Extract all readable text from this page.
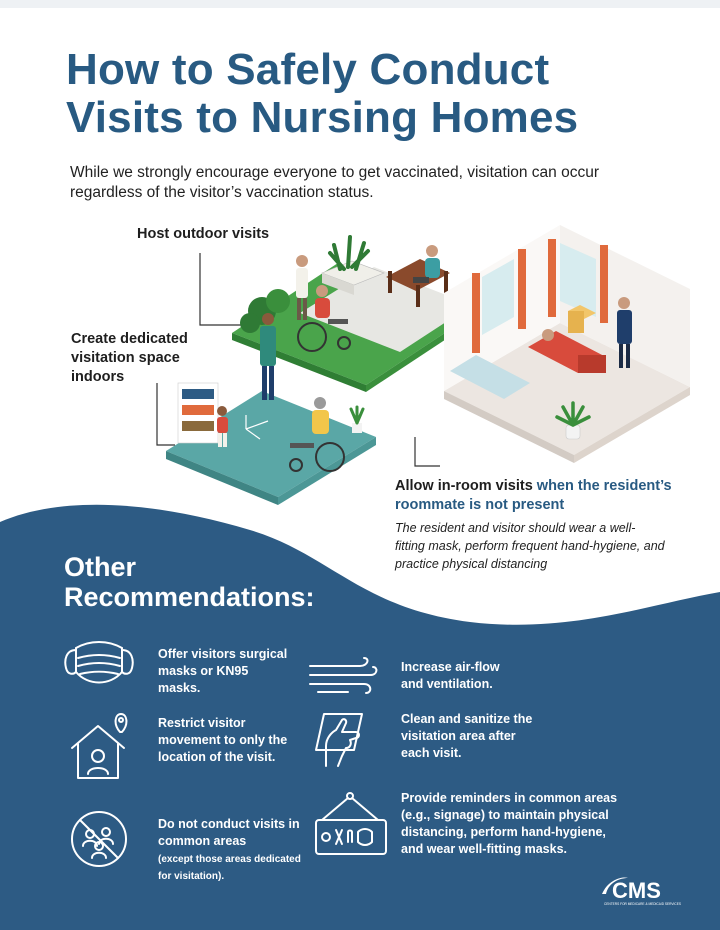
How to Safely Conduct
Visits to Nursing Homes

While we strongly encourage everyone to get vaccinated, visitation can occur regardless of the visitor’s vaccination status.

Host outdoor visits
Create dedicated visitation space indoors
Allow in-room visits when the resident’s roommate is not present

The resident and visitor should wear a well-fitting mask, perform frequent hand-hygiene, and practice physical distancing

Other
Recommendations:
Offer visitors surgical masks or KN95 masks.
Restrict visitor movement to only the location of the visit.
Do not conduct visits in common areas
(except those areas dedicated for visitation).
Increase air-flow and ventilation.
Clean and sanitize the visitation area after each visit.
Provide reminders in common areas (e.g., signage) to maintain physical distancing, perform hand-hygiene, and wear well-fitting masks.
CMS
CENTERS FOR MEDICARE & MEDICAID SERVICES
